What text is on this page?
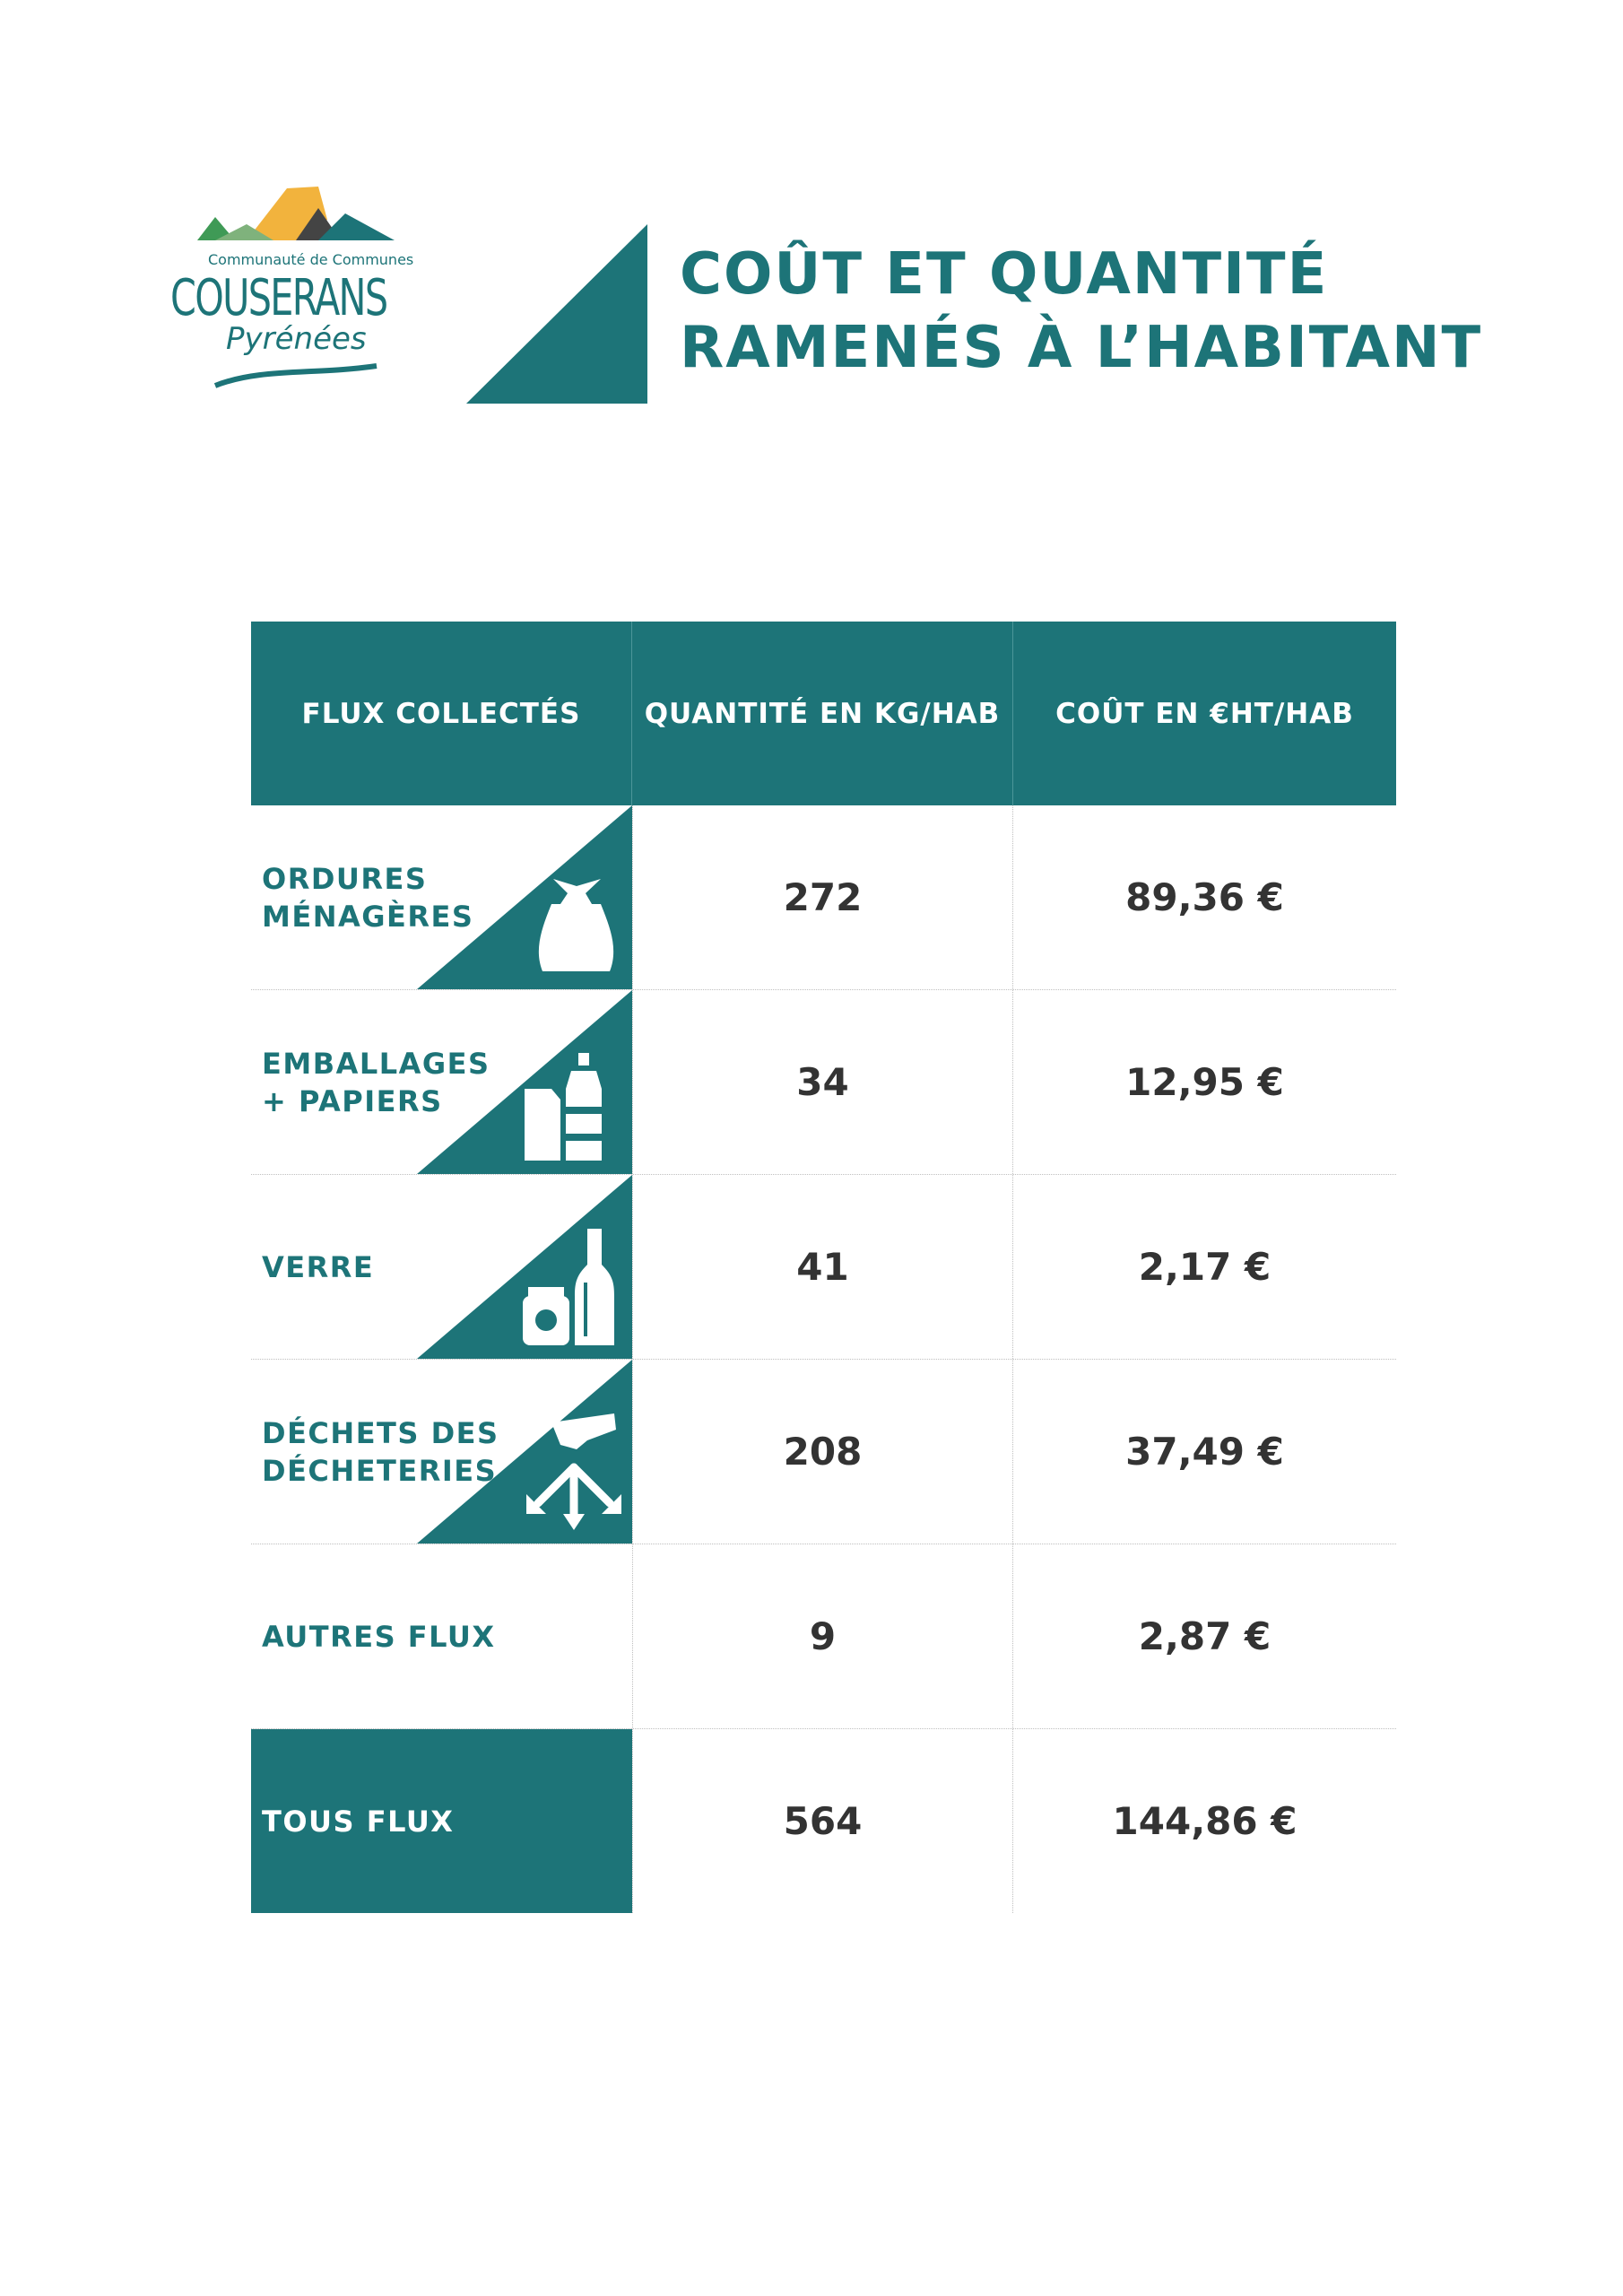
Communauté de Communes
COUSERANS
Pyrénées
COÛT ET QUANTITÉ
RAMENÉS À L’HABITANT
FLUX COLLECTÉS	QUANTITÉ EN KG/HAB	COÛT EN €HT/HAB
ORDURES
MÉNAGÈRES	272	89,36 €
EMBALLAGES
+ PAPIERS	34	12,95 €
VERRE	41	2,17 €
DÉCHETS DES
DÉCHETERIES	208	37,49 €
AUTRES FLUX	9	2,87 €
TOUS FLUX	564	144,86 €
